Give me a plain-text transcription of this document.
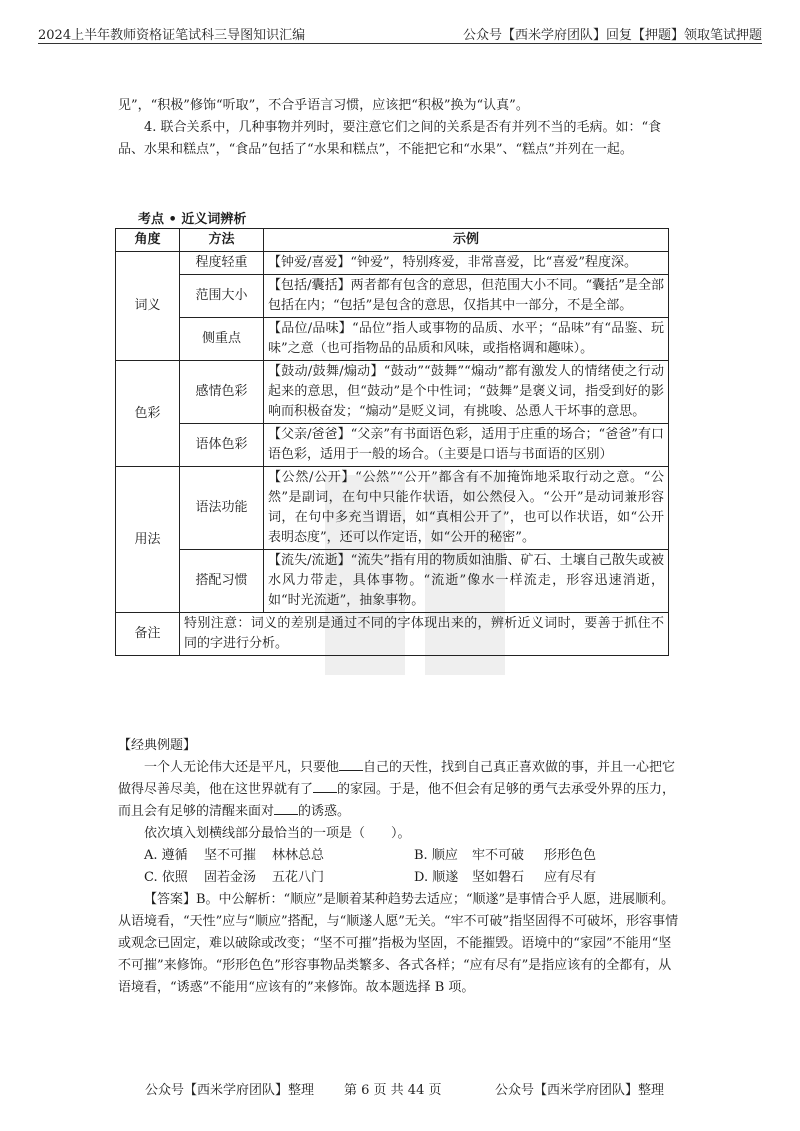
2024上半年教师资格证笔试科三导图知识汇编	公众号【西米学府团队】回复【押题】领取笔试押题

见”，“积极”修饰“听取”，不合乎语言习惯，应该把“积极”换为“认真”。

4. 联合关系中，几种事物并列时，要注意它们之间的关系是否有并列不当的毛病。如：“食品、水果和糕点”，“食品”包括了“水果和糕点”，不能把它和“水果”、“糕点”并列在一起。

考点 • 近义词辨析
角度	方法	示例
词义	程度轻重	【钟爱/喜爱】“钟爱”，特别疼爱，非常喜爱，比“喜爱”程度深。
	范围大小	【包括/囊括】两者都有包含的意思，但范围大小不同。“囊括”是全部包括在内；“包括”是包含的意思，仅指其中一部分，不是全部。
	侧重点	【品位/品味】“品位”指人或事物的品质、水平；“品味”有“品鉴、玩味”之意（也可指物品的品质和风味，或指格调和趣味）。
色彩	感情色彩	【鼓动/鼓舞/煽动】“鼓动”“鼓舞”“煽动”都有激发人的情绪使之行动起来的意思，但“鼓动”是个中性词；“鼓舞”是褒义词，指受到好的影响而积极奋发；“煽动”是贬义词，有挑唆、怂恿人干坏事的意思。
	语体色彩	【父亲/爸爸】“父亲”有书面语色彩，适用于庄重的场合；“爸爸”有口语色彩，适用于一般的场合。（主要是口语与书面语的区别）
用法	语法功能	【公然/公开】“公然”“公开”都含有不加掩饰地采取行动之意。“公然”是副词，在句中只能作状语，如公然侵入。“公开”是动词兼形容词，在句中多充当谓语，如“真相公开了”，也可以作状语，如“公开表明态度”，还可以作定语，如“公开的秘密”。
	搭配习惯	【流失/流逝】“流失”指有用的物质如油脂、矿石、土壤自己散失或被水风力带走，具体事物。“流逝”像水一样流走，形容迅速消逝，如“时光流逝”，抽象事物。
备注	特别注意：词义的差别是通过不同的字体现出来的，辨析近义词时，要善于抓住不同的字进行分析。	

【经典例题】

一个人无论伟大还是平凡，只要他 自己的天性，找到自己真正喜欢做的事，并且一心把它做得尽善尽美，他在这世界就有了 的家园。于是，他不但会有足够的勇气去承受外界的压力，而且会有足够的清醒来面对 的诱惑。

依次填入划横线部分最恰当的一项是（　　）。

A. 遵循	坚不可摧	林林总总	B. 顺应	牢不可破	形形色色
C. 依照	固若金汤	五花八门	D. 顺遂	坚如磐石	应有尽有

【答案】B。中公解析：“顺应”是顺着某种趋势去适应；“顺遂”是事情合乎人愿，进展顺利。从语境看，“天性”应与“顺应”搭配，与“顺遂人愿”无关。“牢不可破”指坚固得不可破坏，形容事情或观念已固定，难以破除或改变；“坚不可摧”指极为坚固，不能摧毁。语境中的“家园”不能用“坚不可摧”来修饰。“形形色色”形容事物品类繁多、各式各样；“应有尽有”是指应该有的全都有，从语境看，“诱惑”不能用“应该有的”来修饰。故本题选择 B 项。

公众号【西米学府团队】整理 第 6 页 共 44 页	公众号【西米学府团队】整理
